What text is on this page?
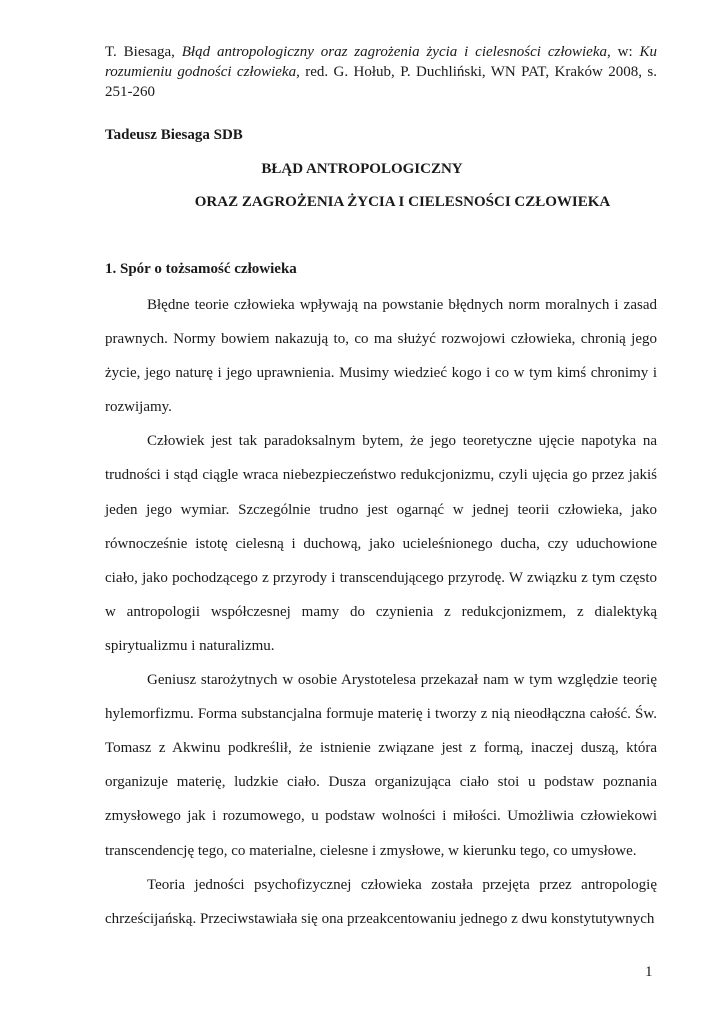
T. Biesaga, Błąd antropologiczny oraz zagrożenia życia i cielesności człowieka, w: Ku rozumieniu godności człowieka, red. G. Hołub, P. Duchliński, WN PAT, Kraków 2008, s. 251-260

Tadeusz Biesaga SDB

BŁĄD ANTROPOLOGICZNY

ORAZ ZAGROŻENIA ŻYCIA I CIELESNOŚCI CZŁOWIEKA

1. Spór o tożsamość człowieka

Błędne teorie człowieka wpływają na powstanie błędnych norm moralnych i zasad prawnych. Normy bowiem nakazują to, co ma służyć rozwojowi człowieka, chronią jego życie, jego naturę i jego uprawnienia. Musimy wiedzieć kogo i co w tym kimś chronimy i rozwijamy.

Człowiek jest tak paradoksalnym bytem, że jego teoretyczne ujęcie napotyka na trudności i stąd ciągle wraca niebezpieczeństwo redukcjonizmu, czyli ujęcia go przez jakiś jeden jego wymiar. Szczególnie trudno jest ogarnąć w jednej teorii człowieka, jako równocześnie istotę cielesną i duchową, jako ucieleśnionego ducha, czy uduchowione ciało, jako pochodzącego z przyrody i transcendującego przyrodę. W związku z tym często w antropologii współczesnej mamy do czynienia z redukcjonizmem, z dialektyką spirytualizmu i naturalizmu.

Geniusz starożytnych w osobie Arystotelesa przekazał nam w tym względzie teorię hylemorfizmu. Forma substancjalna formuje materię i tworzy z nią nieodłączna całość. Św. Tomasz z Akwinu podkreślił, że istnienie związane jest z formą, inaczej duszą, która organizuje materię, ludzkie ciało. Dusza organizująca ciało stoi u podstaw poznania zmysłowego jak i rozumowego, u podstaw wolności i miłości. Umożliwia człowiekowi transcendencję tego, co materialne, cielesne i zmysłowe, w kierunku tego, co umysłowe.

Teoria jedności psychofizycznej człowieka została przejęta przez antropologię chrześcijańską. Przeciwstawiała się ona przeakcentowaniu jednego z dwu konstytutywnych

1
